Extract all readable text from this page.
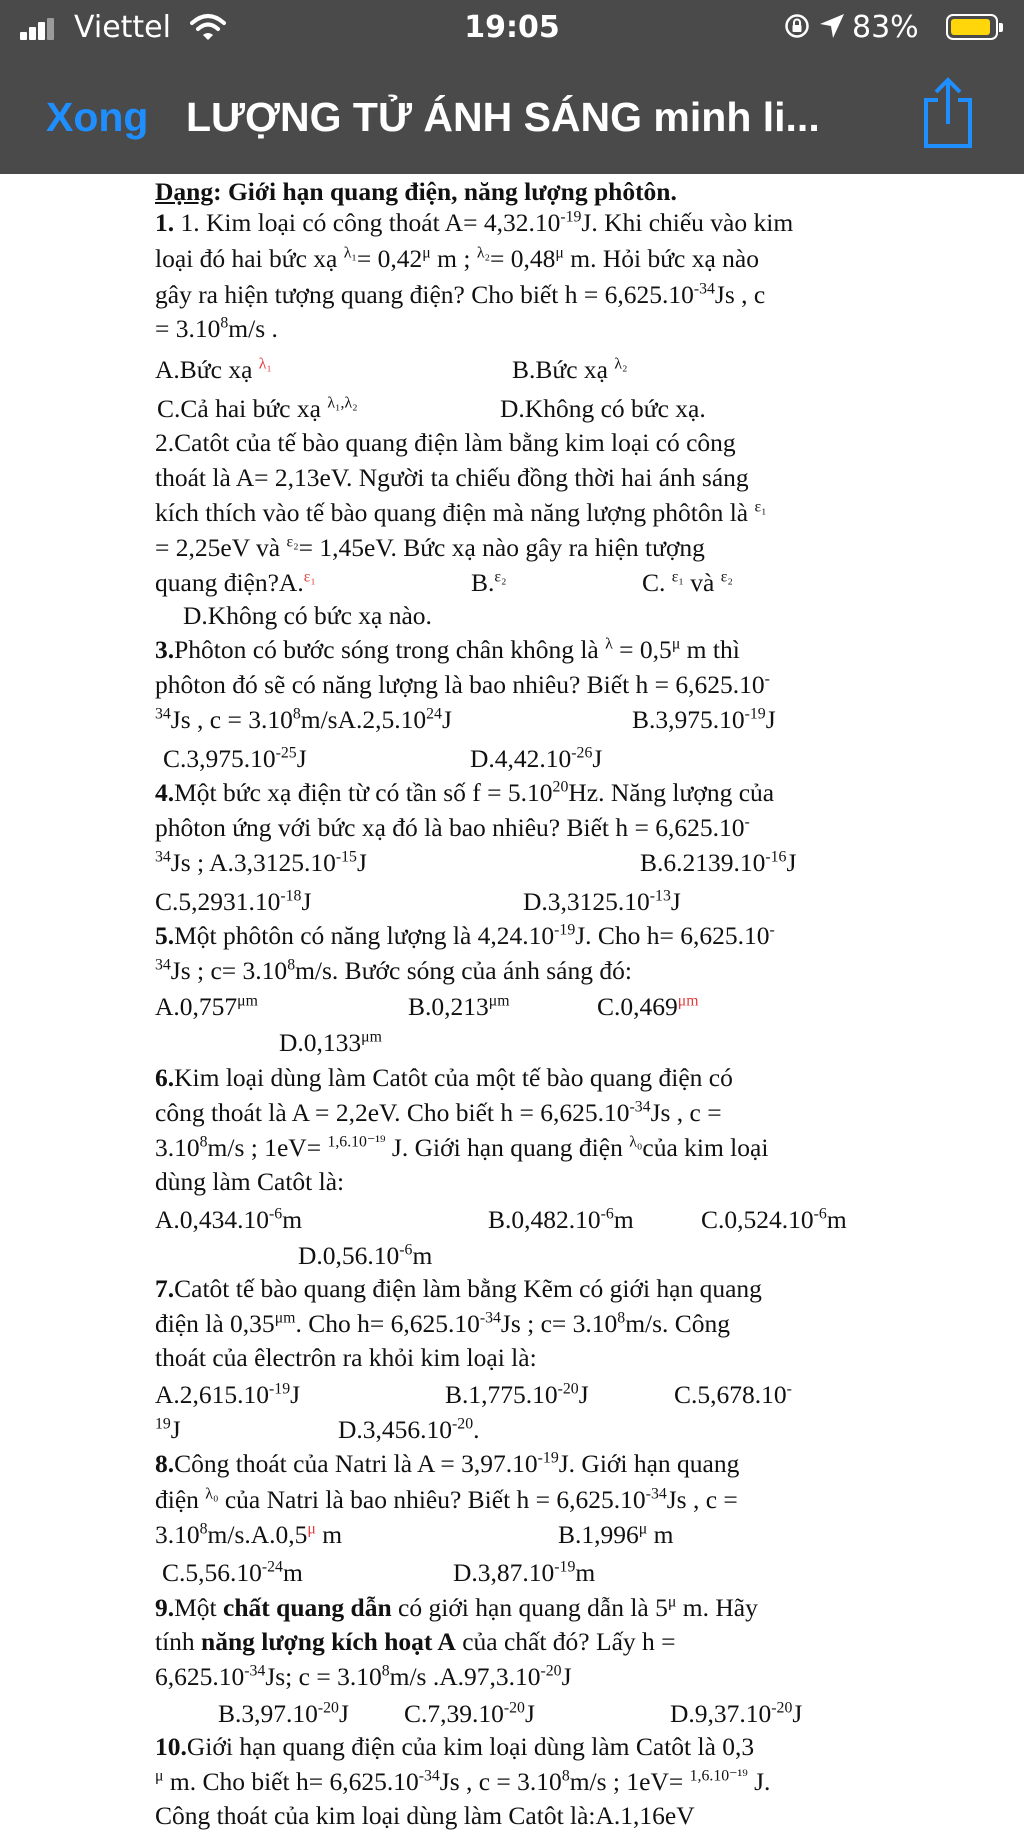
Viettel	19:05	83%
Xong LƯỢNG TỬ ÁNH SÁNG minh li...
Dạng: Giới hạn quang điện, năng lượng phôtôn.
1. 1. Kim loại có công thoát $A= 4,32.10^{-19}J$. Khi chiếu vào kim
loại đó hai bức xạ $^{\lambda_1}= 0,42^\mu$ m ; $^{\lambda_2}= 0,48^\mu$ m. Hỏi bức xạ nào
gây ra hiện tượng quang điện? Cho biết $h = 6,625.10^{-34}Js$ , c
= $3.10^8m/s$ .
A.Bức xạ $^{\lambda_1}$	B.Bức xạ $^{\lambda_2}$
C.Cả hai bức xạ $^{\lambda_1,\lambda_2}$	D.Không có bức xạ.
2.Catôt của tế bào quang điện làm bằng kim loại có công
thoát là A= 2,13eV. Người ta chiếu đồng thời hai ánh sáng
kích thích vào tế bào quang điện mà năng lượng phôtôn là $^{\varepsilon_1}$
= 2,25eV và $^{\varepsilon_2}$= 1,45eV. Bức xạ nào gây ra hiện tượng
quang điện?A.$^{\varepsilon_1}$	B.$^{\varepsilon_2}$	C. $^{\varepsilon_1}$ và $^{\varepsilon_2}$
D.Không có bức xạ nào.
3.Phôton có bước sóng trong chân không là $^\lambda = 0,5^\mu$ m thì
phôton đó sẽ có năng lượng là bao nhiêu? Biết h = 6,625.10-
$^{34}$Js , $c = 3.10^8m/sA.2,5.10^{24}J$	$B.3,975.10^{-19}J$
$C.3,975.10^{-25}J$	$D.4,42.10^{-26}J$
4.Một bức xạ điện từ có tần số $f = 5.10^{20}Hz$. Năng lượng của
phôton ứng với bức xạ đó là bao nhiêu? Biết h = 6,625.10-
$^{34}$Js ; $A.3,3125.10^{-15}J$	$B.6.2139.10^{-16}J$
$C.5,2931.10^{-18}J$	$D.3,3125.10^{-13}J$
5.Một phôtôn có năng lượng là $4,24.10^{-19}J$. Cho h= 6,625.10-
$^{34}$Js ; $c= 3.10^8m/s$. Bước sóng của ánh sáng đó:
$A.0,757^{\mu m}$	$B.0,213^{\mu m}$	$C.0,469^{\mu m}$
$D.0,133^{\mu m}$
6.Kim loại dùng làm Catôt của một tế bào quang điện có
công thoát là A = 2,2eV. Cho biết $h = 6,625.10^{-34}Js$ , c =
$3.10^8m/s$ ; 1eV= $^{1,6.10^{-19}}$ J. Giới hạn quang điện $^{\lambda_0}$của kim loại
dùng làm Catôt là:
$A.0,434.10^{-6}m$	$B.0,482.10^{-6}m$	$C.0,524.10^{-6}m$
$D.0,56.10^{-6}m$
7.Catôt tế bào quang điện làm bằng Kẽm có giới hạn quang
điện là $0,35^{\mu m}$. Cho $h= 6,625.10^{-34}Js$ ; $c= 3.10^8m/s$. Công
thoát của êlectrôn ra khỏi kim loại là:
$A.2,615.10^{-19}J$	$B.1,775.10^{-20}J$	C.5,678.10-
$^{19}$J	$D.3,456.10^{-20}$.
8.Công thoát của Natri là $A = 3,97.10^{-19}J$. Giới hạn quang
điện $^{\lambda_0}$ của Natri là bao nhiêu? Biết $h = 6,625.10^{-34}Js$ , c =
$3.10^8m/s.A.0,5^\mu$ m	$B.1,996^\mu$ m
$C.5,56.10^{-24}m$	$D.3,87.10^{-19}m$
9.Một chất quang dẫn có giới hạn quang dẫn là $5^\mu$ m. Hãy
tính năng lượng kích hoạt A của chất đó? Lấy h =
$6,625.10^{-34}Js$; $c = 3.10^8m/s$ $.A.97,3.10^{-20}J$
$B.3,97.10^{-20}J$ $C.7,39.10^{-20}J$	$D.9,37.10^{-20}J$
10.Giới hạn quang điện của kim loại dùng làm Catôt là 0,3
$^\mu$ m. Cho biết $h= 6,625.10^{-34}Js$ , $c = 3.10^8m/s$ ; 1eV= $^{1,6.10^{-19}}$ J.
Công thoát của kim loại dùng làm Catôt là:A.1,16eV
